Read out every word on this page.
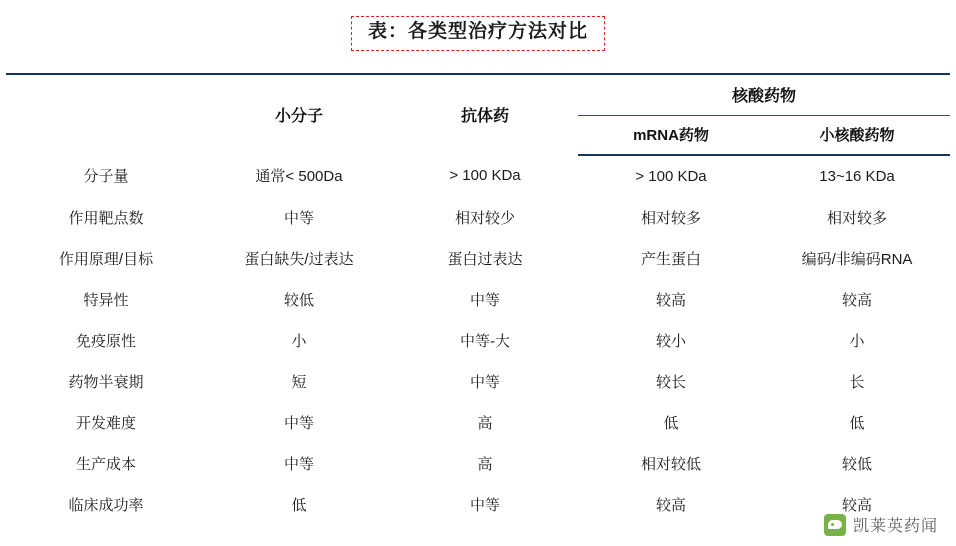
表：各类型治疗方法对比
	小分子	抗体药	核酸药物	
			mRNA药物	小核酸药物
分子量	通常< 500Da	> 100 KDa	> 100 KDa	13~16 KDa
作用靶点数	中等	相对较少	相对较多	相对较多
作用原理/目标	蛋白缺失/过表达	蛋白过表达	产生蛋白	编码/非编码RNA
特异性	较低	中等	较高	较高
免疫原性	小	中等-大	较小	小
药物半衰期	短	中等	较长	长
开发难度	中等	高	低	低
生产成本	中等	高	相对较低	较低
临床成功率	低	中等	较高	较高
凯莱英药闻
